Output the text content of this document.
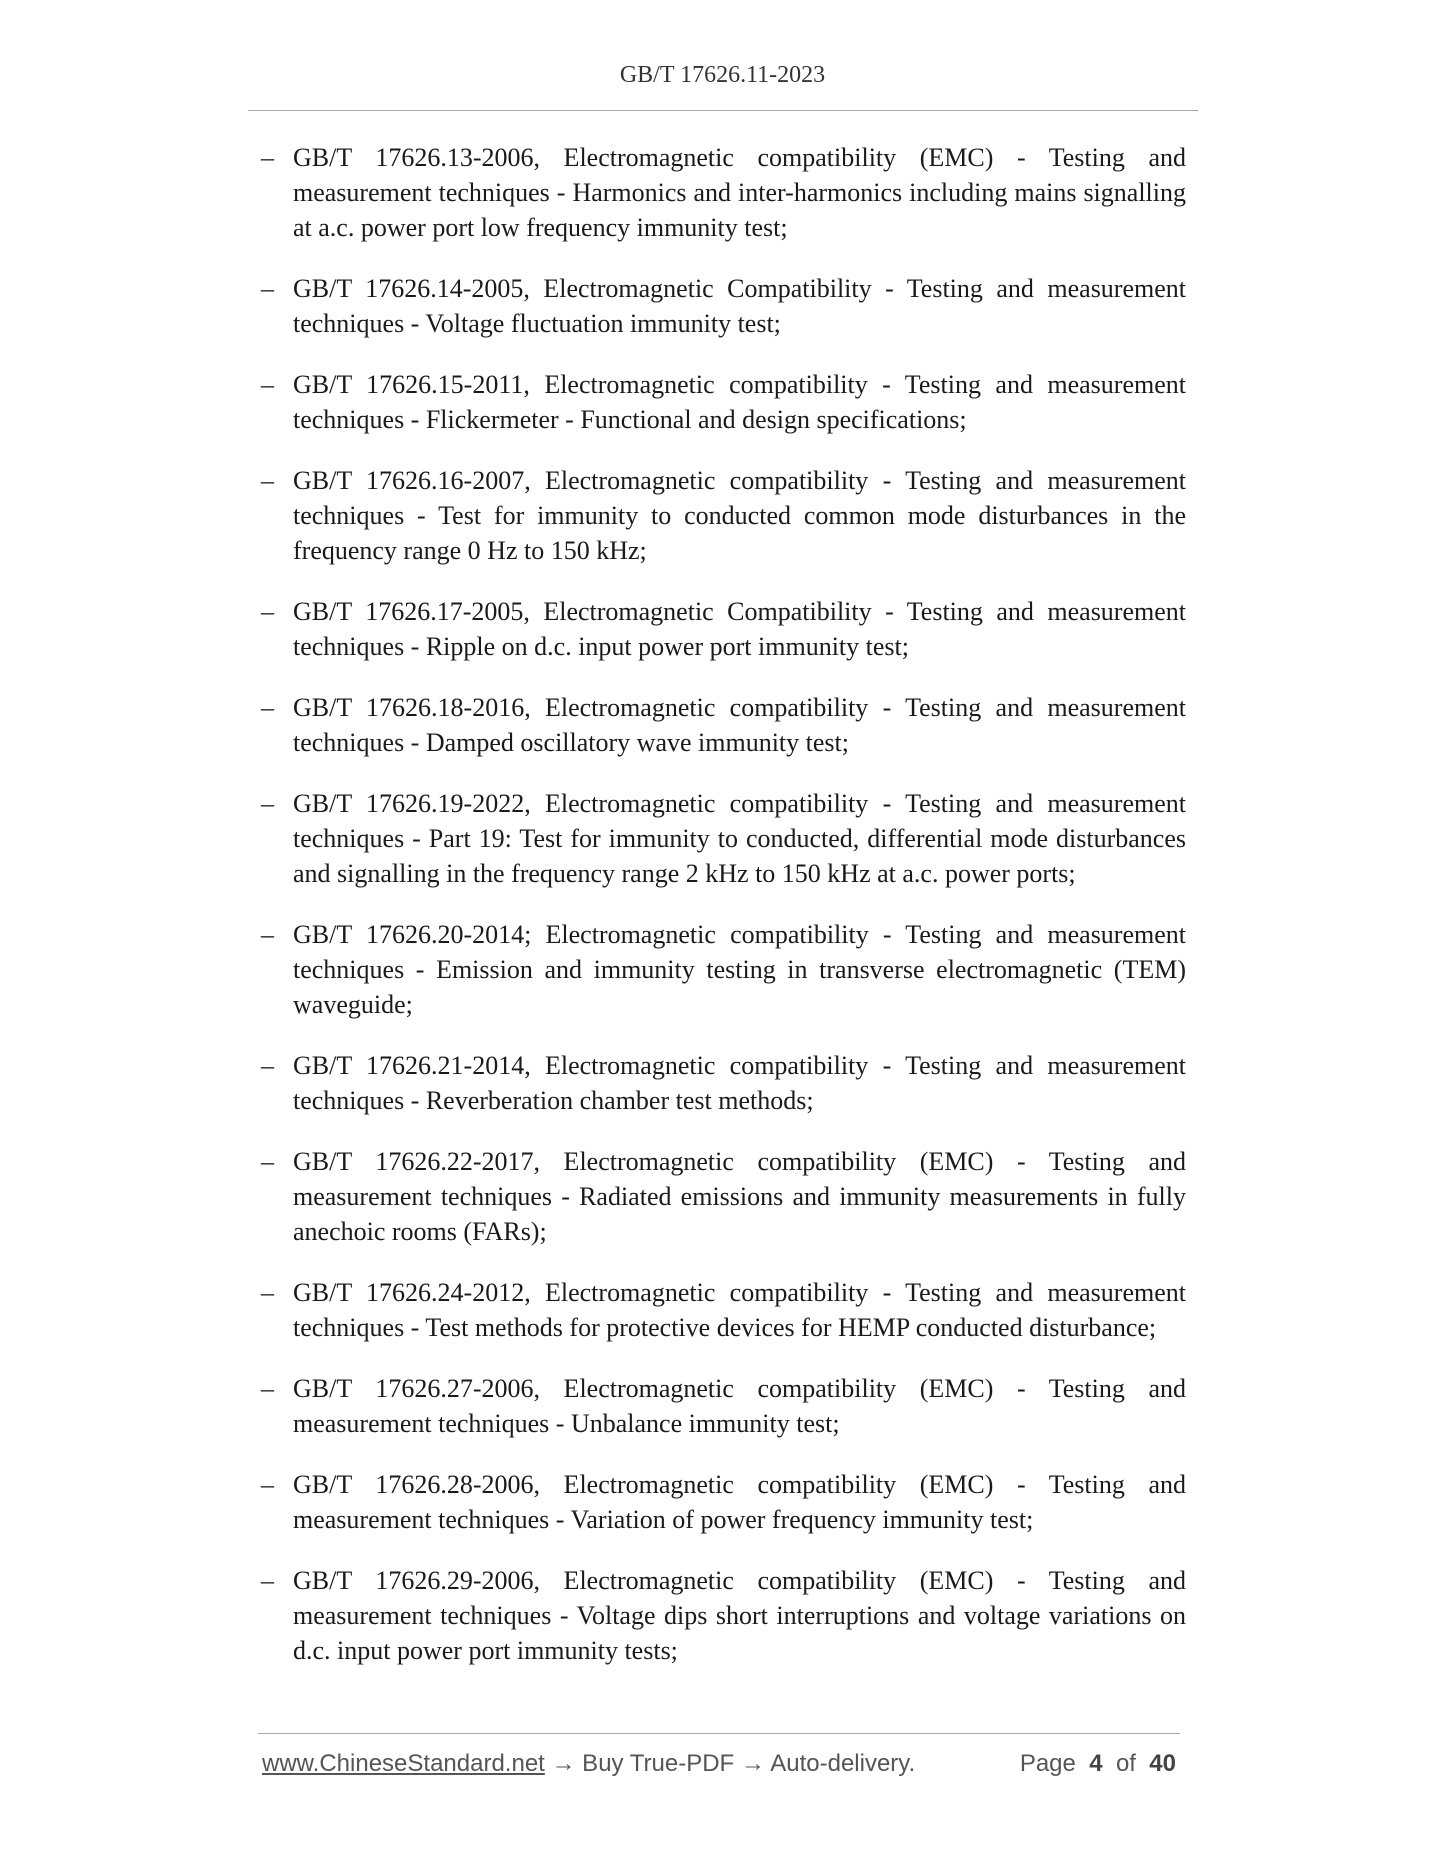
GB/T 17626.11-2023
– GB/T 17626.13-2006, Electromagnetic compatibility (EMC) - Testing and measurement techniques - Harmonics and inter-harmonics including mains signalling at a.c. power port low frequency immunity test;
– GB/T 17626.14-2005, Electromagnetic Compatibility - Testing and measurement techniques - Voltage fluctuation immunity test;
– GB/T 17626.15-2011, Electromagnetic compatibility - Testing and measurement techniques - Flickermeter - Functional and design specifications;
– GB/T 17626.16-2007, Electromagnetic compatibility - Testing and measurement techniques - Test for immunity to conducted common mode disturbances in the frequency range 0 Hz to 150 kHz;
– GB/T 17626.17-2005, Electromagnetic Compatibility - Testing and measurement techniques - Ripple on d.c. input power port immunity test;
– GB/T 17626.18-2016, Electromagnetic compatibility - Testing and measurement techniques - Damped oscillatory wave immunity test;
– GB/T 17626.19-2022, Electromagnetic compatibility - Testing and measurement techniques - Part 19: Test for immunity to conducted, differential mode disturbances and signalling in the frequency range 2 kHz to 150 kHz at a.c. power ports;
– GB/T 17626.20-2014; Electromagnetic compatibility - Testing and measurement techniques - Emission and immunity testing in transverse electromagnetic (TEM) waveguide;
– GB/T 17626.21-2014, Electromagnetic compatibility - Testing and measurement techniques - Reverberation chamber test methods;
– GB/T 17626.22-2017, Electromagnetic compatibility (EMC) - Testing and measurement techniques - Radiated emissions and immunity measurements in fully anechoic rooms (FARs);
– GB/T 17626.24-2012, Electromagnetic compatibility - Testing and measurement techniques - Test methods for protective devices for HEMP conducted disturbance;
– GB/T 17626.27-2006, Electromagnetic compatibility (EMC) - Testing and measurement techniques - Unbalance immunity test;
– GB/T 17626.28-2006, Electromagnetic compatibility (EMC) - Testing and measurement techniques - Variation of power frequency immunity test;
– GB/T 17626.29-2006, Electromagnetic compatibility (EMC) - Testing and measurement techniques - Voltage dips short interruptions and voltage variations on d.c. input power port immunity tests;
www.ChineseStandard.net → Buy True-PDF → Auto-delivery.	Page 4 of 40
